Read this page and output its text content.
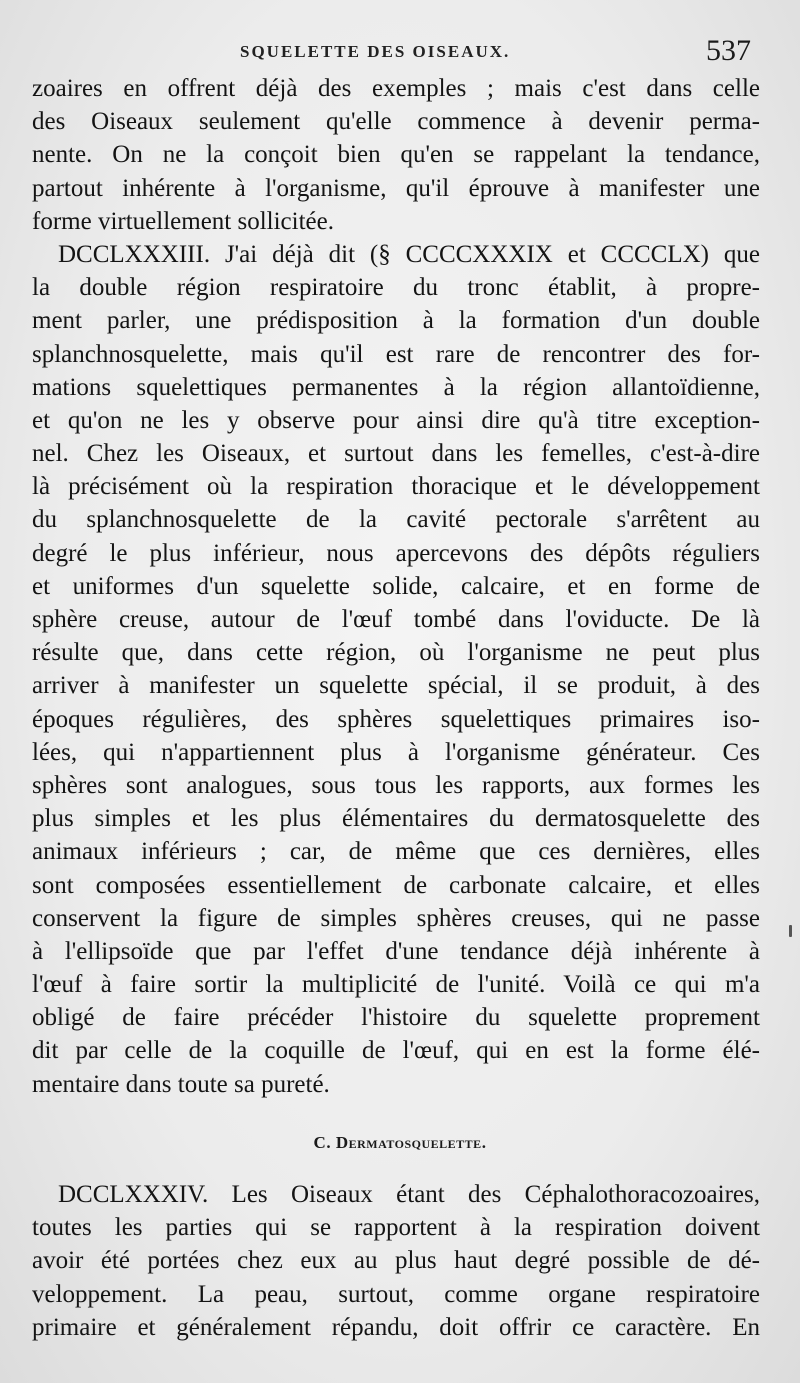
SQUELETTE DES OISEAUX.	537
zoaires en offrent déjà des exemples ; mais c'est dans celle
des Oiseaux seulement qu'elle commence à devenir perma-
nente. On ne la conçoit bien qu'en se rappelant la tendance,
partout inhérente à l'organisme, qu'il éprouve à manifester une
forme virtuellement sollicitée.
DCCLXXXIII. J'ai déjà dit (§ CCCCXXXIX et CCCCLX) que
la double région respiratoire du tronc établit, à propre-
ment parler, une prédisposition à la formation d'un double
splanchnosquelette, mais qu'il est rare de rencontrer des for-
mations squelettiques permanentes à la région allantoïdienne,
et qu'on ne les y observe pour ainsi dire qu'à titre exception-
nel. Chez les Oiseaux, et surtout dans les femelles, c'est-à-dire
là précisément où la respiration thoracique et le développement
du splanchnosquelette de la cavité pectorale s'arrêtent au
degré le plus inférieur, nous apercevons des dépôts réguliers
et uniformes d'un squelette solide, calcaire, et en forme de
sphère creuse, autour de l'œuf tombé dans l'oviducte. De là
résulte que, dans cette région, où l'organisme ne peut plus
arriver à manifester un squelette spécial, il se produit, à des
époques régulières, des sphères squelettiques primaires iso-
lées, qui n'appartiennent plus à l'organisme générateur. Ces
sphères sont analogues, sous tous les rapports, aux formes les
plus simples et les plus élémentaires du dermatosquelette des
animaux inférieurs ; car, de même que ces dernières, elles
sont composées essentiellement de carbonate calcaire, et elles
conservent la figure de simples sphères creuses, qui ne passe
à l'ellipsoïde que par l'effet d'une tendance déjà inhérente à
l'œuf à faire sortir la multiplicité de l'unité. Voilà ce qui m'a
obligé de faire précéder l'histoire du squelette proprement
dit par celle de la coquille de l'œuf, qui en est la forme élé-
mentaire dans toute sa pureté.
C. Dermatosquelette.
DCCLXXXIV. Les Oiseaux étant des Céphalothoracozoaires,
toutes les parties qui se rapportent à la respiration doivent
avoir été portées chez eux au plus haut degré possible de dé-
veloppement. La peau, surtout, comme organe respiratoire
primaire et généralement répandu, doit offrir ce caractère. En
